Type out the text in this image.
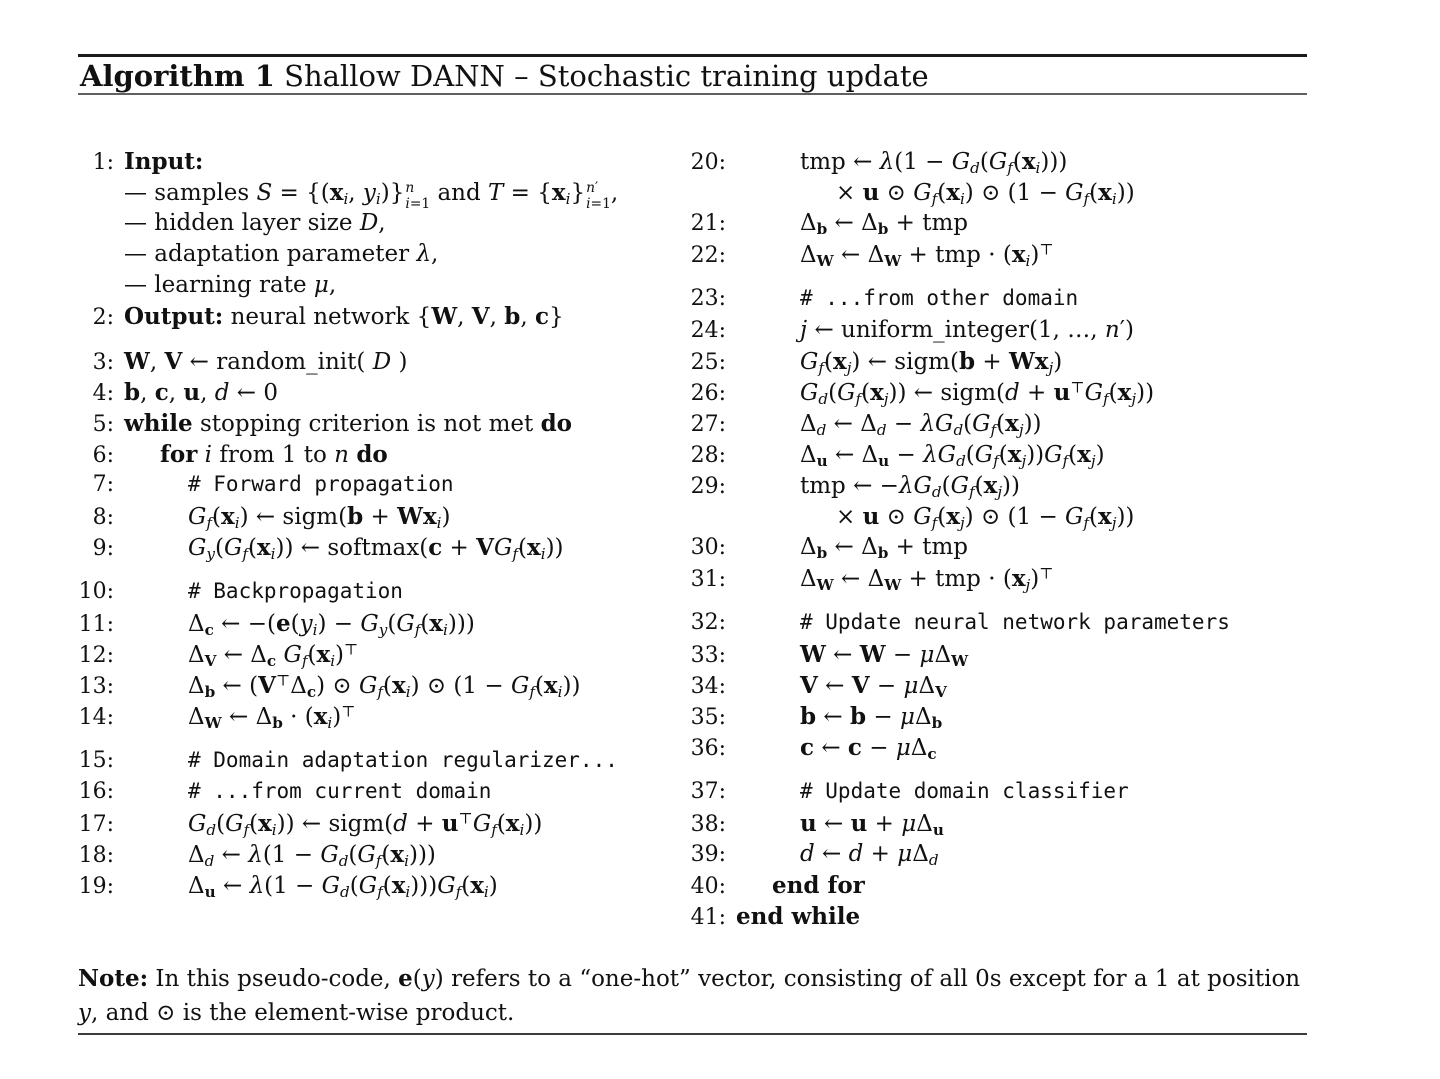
Algorithm 1 Shallow DANN – Stochastic training update
1: Input:
— samples $S = \{(x_i$, $y_i$)} n
i=1 and $T = \{x_i\}$ n′
i=1 ,
— hidden layer size D,
— adaptation parameter λ,
— learning rate μ,
2: Output: neural network {W, V, b, c}
3: W, V ← random_init( D )
4: b, c, u, d ← 0
5: while stopping criterion is not met do
6:	for i from 1 to n do
7:	# Forward propagation
8:	$G_f(x_i)$ ← sigm(b + $Wx_i$)
9:	$G_y(G_f(x_i))$ ← softmax(c + $VG_f(x_i)$)
10:	# Backpropagation
11:	$\Delta_c$ ← $-(e(y_i) - G_y(G_f(x_i)))$
12:	$\Delta_V$ ← $\Delta_c$ $G_f(x_i)^⊤$
13:	$\Delta_b$ ← $(V^⊤\Delta_c)$ ⊙ $G_f(x_i)$ ⊙ $(1 - G_f(x_i))$
14:	$\Delta_W$ ← $\Delta_b \cdot (x_i)^⊤$
15:	# Domain adaptation regularizer...
16:	# ...from current domain
17:	$G_d(G_f(x_i))$ ← sigm(d + $u^⊤G_f(x_i)$)
18:	$\Delta_d$ ← $\lambda(1 - G_d(G_f(x_i)))$
19:	$\Delta_u$ ← $\lambda(1 - G_d(G_f(x_i)))G_f(x_i)$
20:	tmp ← $\lambda(1 - G_d(G_f(x_i)))$
× u ⊙ $G_f(x_i)$ ⊙ $(1 - G_f(x_i))$
21:	$\Delta_b$ ← $\Delta_b$ + tmp
22:	$\Delta_W$ ← $\Delta_W$ + tmp · $(x_i)^⊤$
23:	# ...from other domain
24:	j ← uniform_integer(1, …, n′)
25:	$G_f(x_j)$ ← sigm(b + $Wx_j$)
26:	$G_d(G_f(x_j))$ ← sigm(d + $u^⊤G_f(x_j)$)
27:	$\Delta_d$ ← $\Delta_d - \lambda G_d(G_f(x_j))$
28:	$\Delta_u$ ← $\Delta_u - \lambda G_d(G_f(x_j))G_f(x_j)$
29:	tmp ← $-\lambda G_d(G_f(x_j))$
× u ⊙ $G_f(x_j)$ ⊙ $(1 - G_f(x_j))$
30:	$\Delta_b$ ← $\Delta_b$ + tmp
31:	$\Delta_W$ ← $\Delta_W$ + tmp · $(x_j)^⊤$
32:	# Update neural network parameters
33:	W ← $W - \mu\Delta_W$
34:	V ← $V - \mu\Delta_V$
35:	b ← $b - \mu\Delta_b$
36:	c ← $c - \mu\Delta_c$
37:	# Update domain classifier
38:	u ← $u + \mu\Delta_u$
39:	d ← $d + \mu\Delta_d$
40:	end for
41: end while
Note: In this pseudo-code, e(y) refers to a “one-hot” vector, consisting of all 0s except for a 1 at position y, and ⊙ is the element-wise product.
